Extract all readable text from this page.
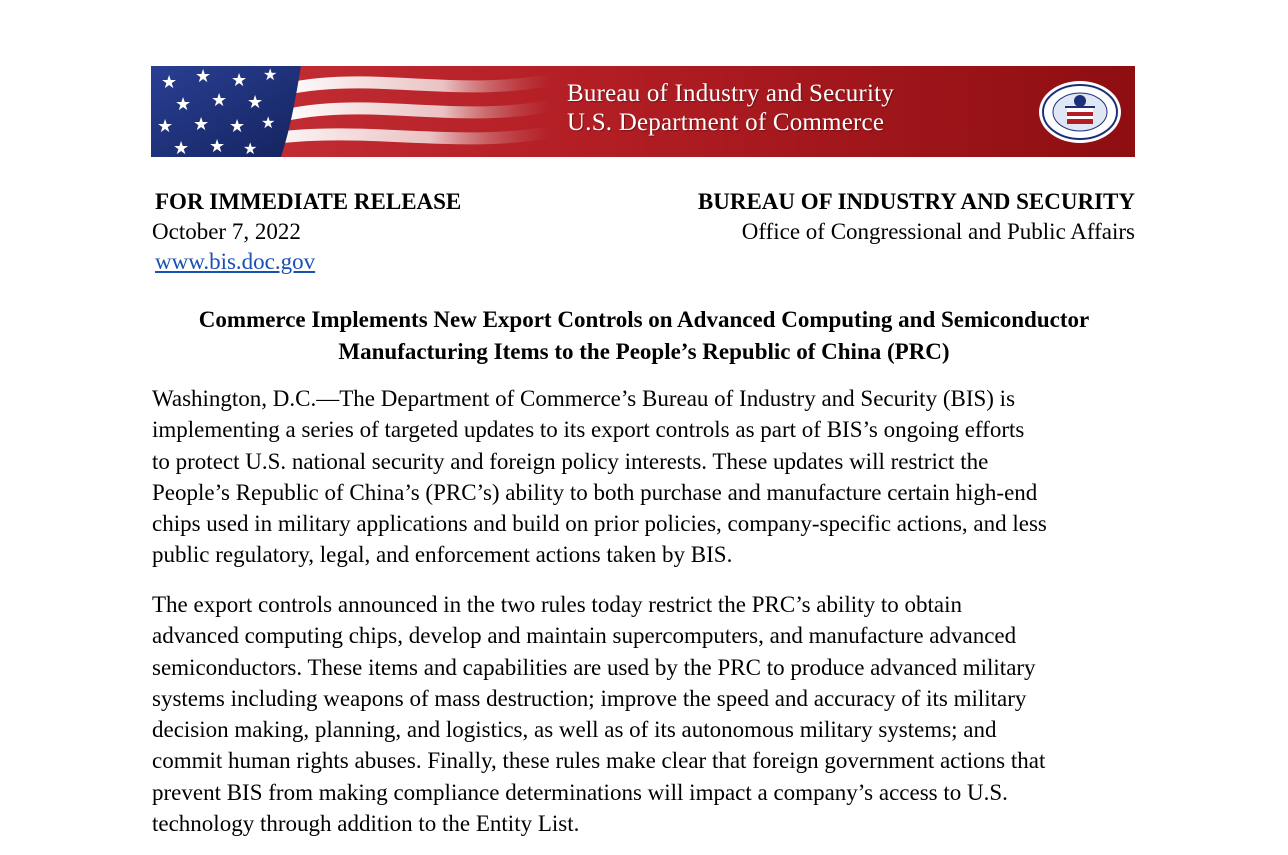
★ ★ ★ ★
★ ★ ★
★ ★ ★ ★
★ ★ ★
Bureau of Industry and Security
U.S. Department of Commerce
FOR IMMEDIATE RELEASE
October 7, 2022
www.bis.doc.gov
BUREAU OF INDUSTRY AND SECURITY
Office of Congressional and Public Affairs
Commerce Implements New Export Controls on Advanced Computing and Semiconductor
Manufacturing Items to the People’s Republic of China (PRC)
Washington, D.C.—The Department of Commerce’s Bureau of Industry and Security (BIS) is
implementing a series of targeted updates to its export controls as part of BIS’s ongoing efforts
to protect U.S. national security and foreign policy interests. These updates will restrict the
People’s Republic of China’s (PRC’s) ability to both purchase and manufacture certain high-end
chips used in military applications and build on prior policies, company-specific actions, and less
public regulatory, legal, and enforcement actions taken by BIS.
The export controls announced in the two rules today restrict the PRC’s ability to obtain
advanced computing chips, develop and maintain supercomputers, and manufacture advanced
semiconductors. These items and capabilities are used by the PRC to produce advanced military
systems including weapons of mass destruction; improve the speed and accuracy of its military
decision making, planning, and logistics, as well as of its autonomous military systems; and
commit human rights abuses. Finally, these rules make clear that foreign government actions that
prevent BIS from making compliance determinations will impact a company’s access to U.S.
technology through addition to the Entity List.
